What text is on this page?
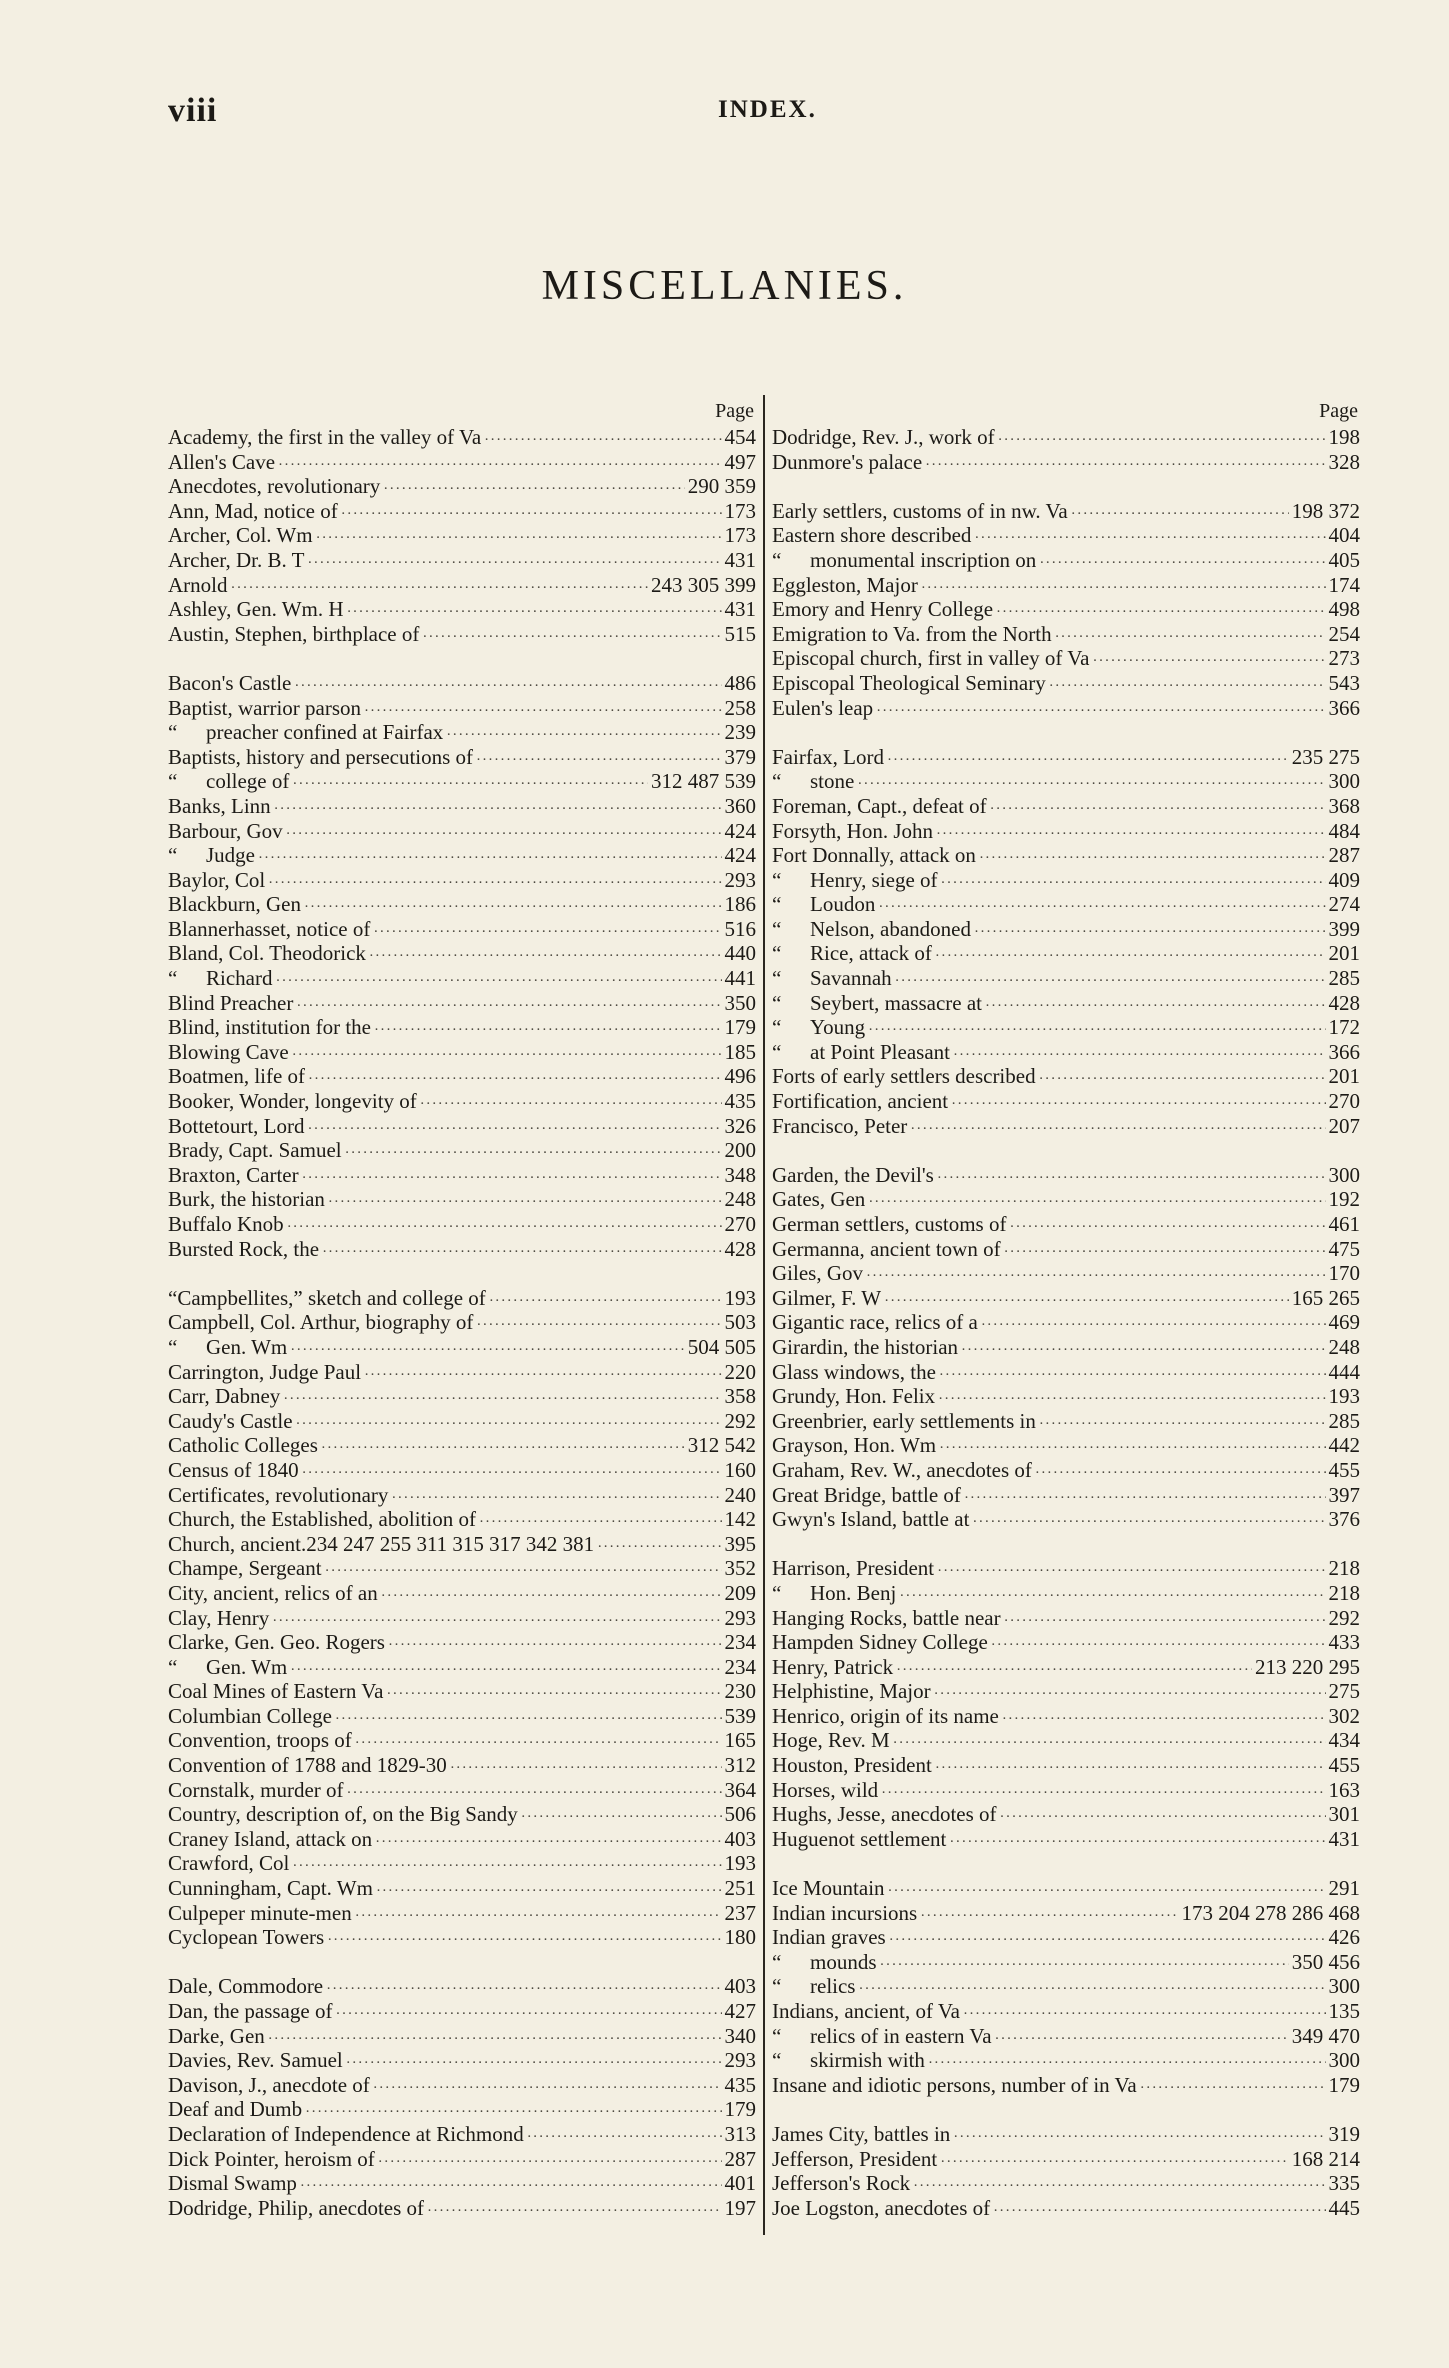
viii	INDEX.
MISCELLANIES.
Page
Academy, the first in the valley of Va ·····	454
Allen's Cave ·····	497
Anecdotes, revolutionary ·····	290 359
Ann, Mad, notice of ·····	173
Archer, Col. Wm ·····	173
Archer, Dr. B. T ·····	431
Arnold ·····	243 305 399
Ashley, Gen. Wm. H ·····	431
Austin, Stephen, birthplace of ·····	515
Bacon's Castle ·····	486
Baptist, warrior parson ·····	258
“ preacher confined at Fairfax ·····	239
Baptists, history and persecutions of ·····	379
“ college of ·····	312 487 539
Banks, Linn ·····	360
Barbour, Gov ·····	424
“ Judge ·····	424
Baylor, Col ·····	293
Blackburn, Gen ·····	186
Blannerhasset, notice of ·····	516
Bland, Col. Theodorick ·····	440
“ Richard ·····	441
Blind Preacher ·····	350
Blind, institution for the ·····	179
Blowing Cave ·····	185
Boatmen, life of ·····	496
Booker, Wonder, longevity of ·····	435
Bottetourt, Lord ·····	326
Brady, Capt. Samuel ·····	200
Braxton, Carter ·····	348
Burk, the historian ·····	248
Buffalo Knob ·····	270
Bursted Rock, the ·····	428
“Campbellites,” sketch and college of ·····	193
Campbell, Col. Arthur, biography of ·····	503
“ Gen. Wm ·····	504 505
Carrington, Judge Paul ·····	220
Carr, Dabney ·····	358
Caudy's Castle ·····	292
Catholic Colleges ·····	312 542
Census of 1840 ·····	160
Certificates, revolutionary ·····	240
Church, the Established, abolition of ·····	142
Church, ancient.234 247 255 311 315 317 342 381 ·····	395
Champe, Sergeant ·····	352
City, ancient, relics of an ·····	209
Clay, Henry ·····	293
Clarke, Gen. Geo. Rogers ·····	234
“ Gen. Wm ·····	234
Coal Mines of Eastern Va ·····	230
Columbian College ·····	539
Convention, troops of ·····	165
Convention of 1788 and 1829-30 ·····	312
Cornstalk, murder of ·····	364
Country, description of, on the Big Sandy ·····	506
Craney Island, attack on ·····	403
Crawford, Col ·····	193
Cunningham, Capt. Wm ·····	251
Culpeper minute-men ·····	237
Cyclopean Towers ·····	180
Dale, Commodore ·····	403
Dan, the passage of ·····	427
Darke, Gen ·····	340
Davies, Rev. Samuel ·····	293
Davison, J., anecdote of ·····	435
Deaf and Dumb ·····	179
Declaration of Independence at Richmond ·····	313
Dick Pointer, heroism of ·····	287
Dismal Swamp ·····	401
Dodridge, Philip, anecdotes of ·····	197
Page
Dodridge, Rev. J., work of ·····	198
Dunmore's palace ·····	328
Early settlers, customs of in nw. Va ·····	198 372
Eastern shore described ·····	404
“ monumental inscription on ·····	405
Eggleston, Major ·····	174
Emory and Henry College ·····	498
Emigration to Va. from the North ·····	254
Episcopal church, first in valley of Va ·····	273
Episcopal Theological Seminary ·····	543
Eulen's leap ·····	366
Fairfax, Lord ·····	235 275
“ stone ·····	300
Foreman, Capt., defeat of ·····	368
Forsyth, Hon. John ·····	484
Fort Donnally, attack on ·····	287
“ Henry, siege of ·····	409
“ Loudon ·····	274
“ Nelson, abandoned ·····	399
“ Rice, attack of ·····	201
“ Savannah ·····	285
“ Seybert, massacre at ·····	428
“ Young ·····	172
“ at Point Pleasant ·····	366
Forts of early settlers described ·····	201
Fortification, ancient ·····	270
Francisco, Peter ·····	207
Garden, the Devil's ·····	300
Gates, Gen ·····	192
German settlers, customs of ·····	461
Germanna, ancient town of ·····	475
Giles, Gov ·····	170
Gilmer, F. W ·····	165 265
Gigantic race, relics of a ·····	469
Girardin, the historian ·····	248
Glass windows, the ·····	444
Grundy, Hon. Felix ·····	193
Greenbrier, early settlements in ·····	285
Grayson, Hon. Wm ·····	442
Graham, Rev. W., anecdotes of ·····	455
Great Bridge, battle of ·····	397
Gwyn's Island, battle at ·····	376
Harrison, President ·····	218
“ Hon. Benj ·····	218
Hanging Rocks, battle near ·····	292
Hampden Sidney College ·····	433
Henry, Patrick ·····	213 220 295
Helphistine, Major ·····	275
Henrico, origin of its name ·····	302
Hoge, Rev. M ·····	434
Houston, President ·····	455
Horses, wild ·····	163
Hughs, Jesse, anecdotes of ·····	301
Huguenot settlement ·····	431
Ice Mountain ·····	291
Indian incursions ·····	173 204 278 286 468
Indian graves ·····	426
“ mounds ·····	350 456
“ relics ·····	300
Indians, ancient, of Va ·····	135
“ relics of in eastern Va ·····	349 470
“ skirmish with ·····	300
Insane and idiotic persons, number of in Va ·····	179
James City, battles in ·····	319
Jefferson, President ·····	168 214
Jefferson's Rock ·····	335
Joe Logston, anecdotes of ·····	445
